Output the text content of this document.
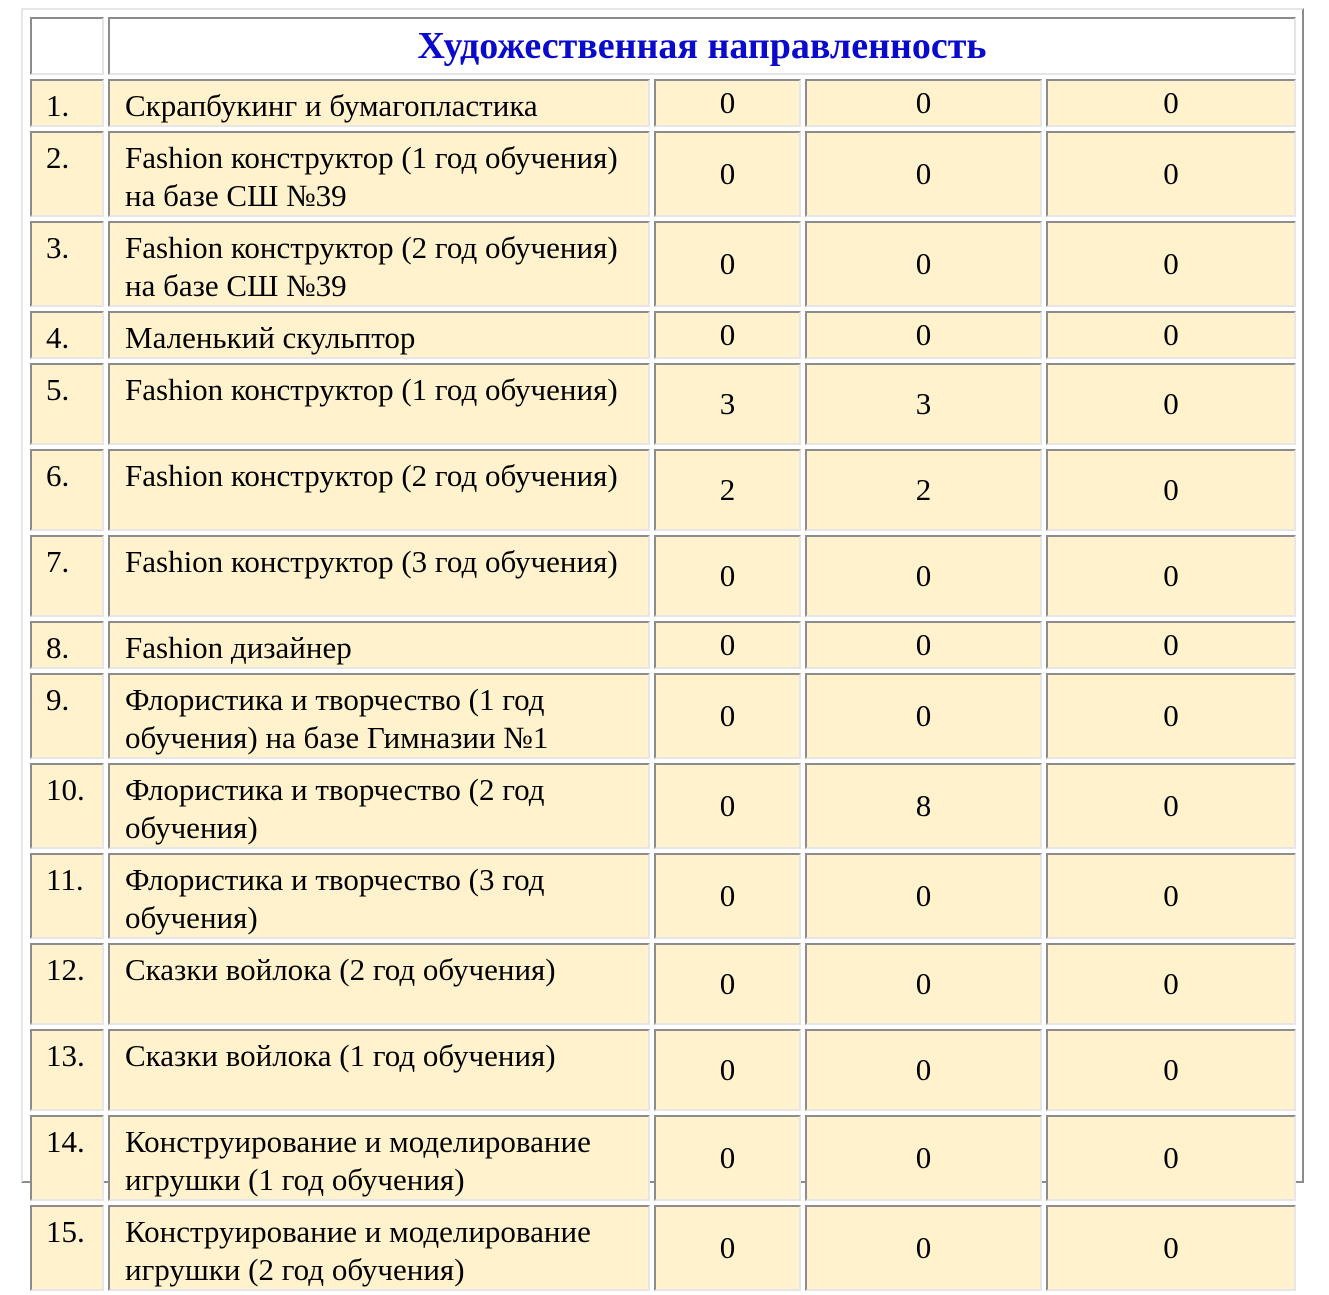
	Художественная направленность			
1.	Скрапбукинг и бумагопластика	0	0	0
2.	Fashion конструктор (1 год обучения) на базе СШ №39	0	0	0
3.	Fashion конструктор (2 год обучения) на базе СШ №39	0	0	0
4.	Маленький скульптор	0	0	0
5.	Fashion конструктор (1 год обучения)	3	3	0
6.	Fashion конструктор (2 год обучения)	2	2	0
7.	Fashion конструктор (3 год обучения)	0	0	0
8.	Fashion дизайнер	0	0	0
9.	Флористика и творчество (1 год обучения) на базе Гимназии №1	0	0	0
10.	Флористика и творчество (2 год обучения)	0	8	0
11.	Флористика и творчество (3 год обучения)	0	0	0
12.	Сказки войлока (2 год обучения)	0	0	0
13.	Сказки войлока (1 год обучения)	0	0	0
14.	Конструирование и моделирование игрушки (1 год обучения)	0	0	0
15.	Конструирование и моделирование игрушки (2 год обучения)	0	0	0
